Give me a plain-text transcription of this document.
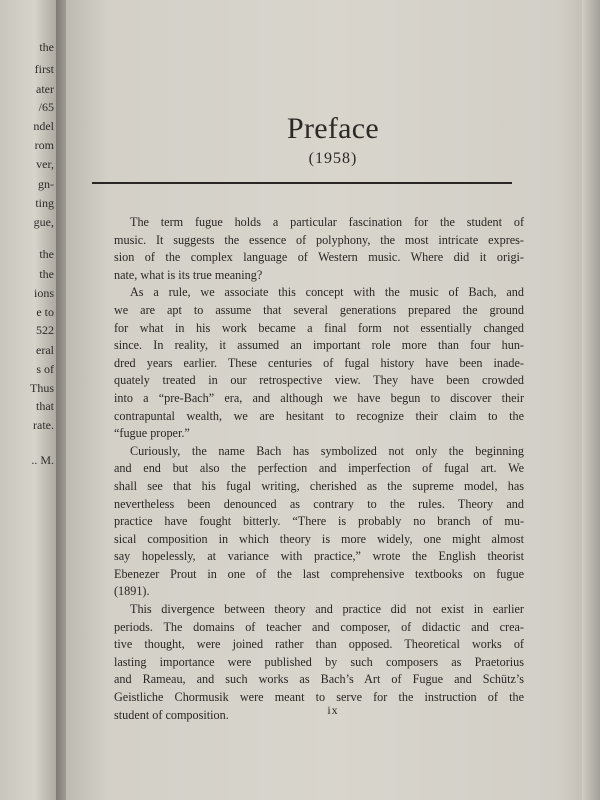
the
first
ater
/65
ndel
rom
ver,
gn-
ting
gue,
the
the
ions
e to
522
eral
s of
Thus
that
rate.
.. M.
Preface
(1958)
The term fugue holds a particular fascination for the student of
music. It suggests the essence of polyphony, the most intricate expres-
sion of the complex language of Western music. Where did it origi-
nate, what is its true meaning?
As a rule, we associate this concept with the music of Bach, and
we are apt to assume that several generations prepared the ground
for what in his work became a final form not essentially changed
since. In reality, it assumed an important role more than four hun-
dred years earlier. These centuries of fugal history have been inade-
quately treated in our retrospective view. They have been crowded
into a “pre-Bach” era, and although we have begun to discover their
contrapuntal wealth, we are hesitant to recognize their claim to the
“fugue proper.”
Curiously, the name Bach has symbolized not only the beginning
and end but also the perfection and imperfection of fugal art. We
shall see that his fugal writing, cherished as the supreme model, has
nevertheless been denounced as contrary to the rules. Theory and
practice have fought bitterly. “There is probably no branch of mu-
sical composition in which theory is more widely, one might almost
say hopelessly, at variance with practice,” wrote the English theorist
Ebenezer Prout in one of the last comprehensive textbooks on fugue
(1891).
This divergence between theory and practice did not exist in earlier
periods. The domains of teacher and composer, of didactic and crea-
tive thought, were joined rather than opposed. Theoretical works of
lasting importance were published by such composers as Praetorius
and Rameau, and such works as Bach’s Art of Fugue and Schütz’s
Geistliche Chormusik were meant to serve for the instruction of the
student of composition.	ix
